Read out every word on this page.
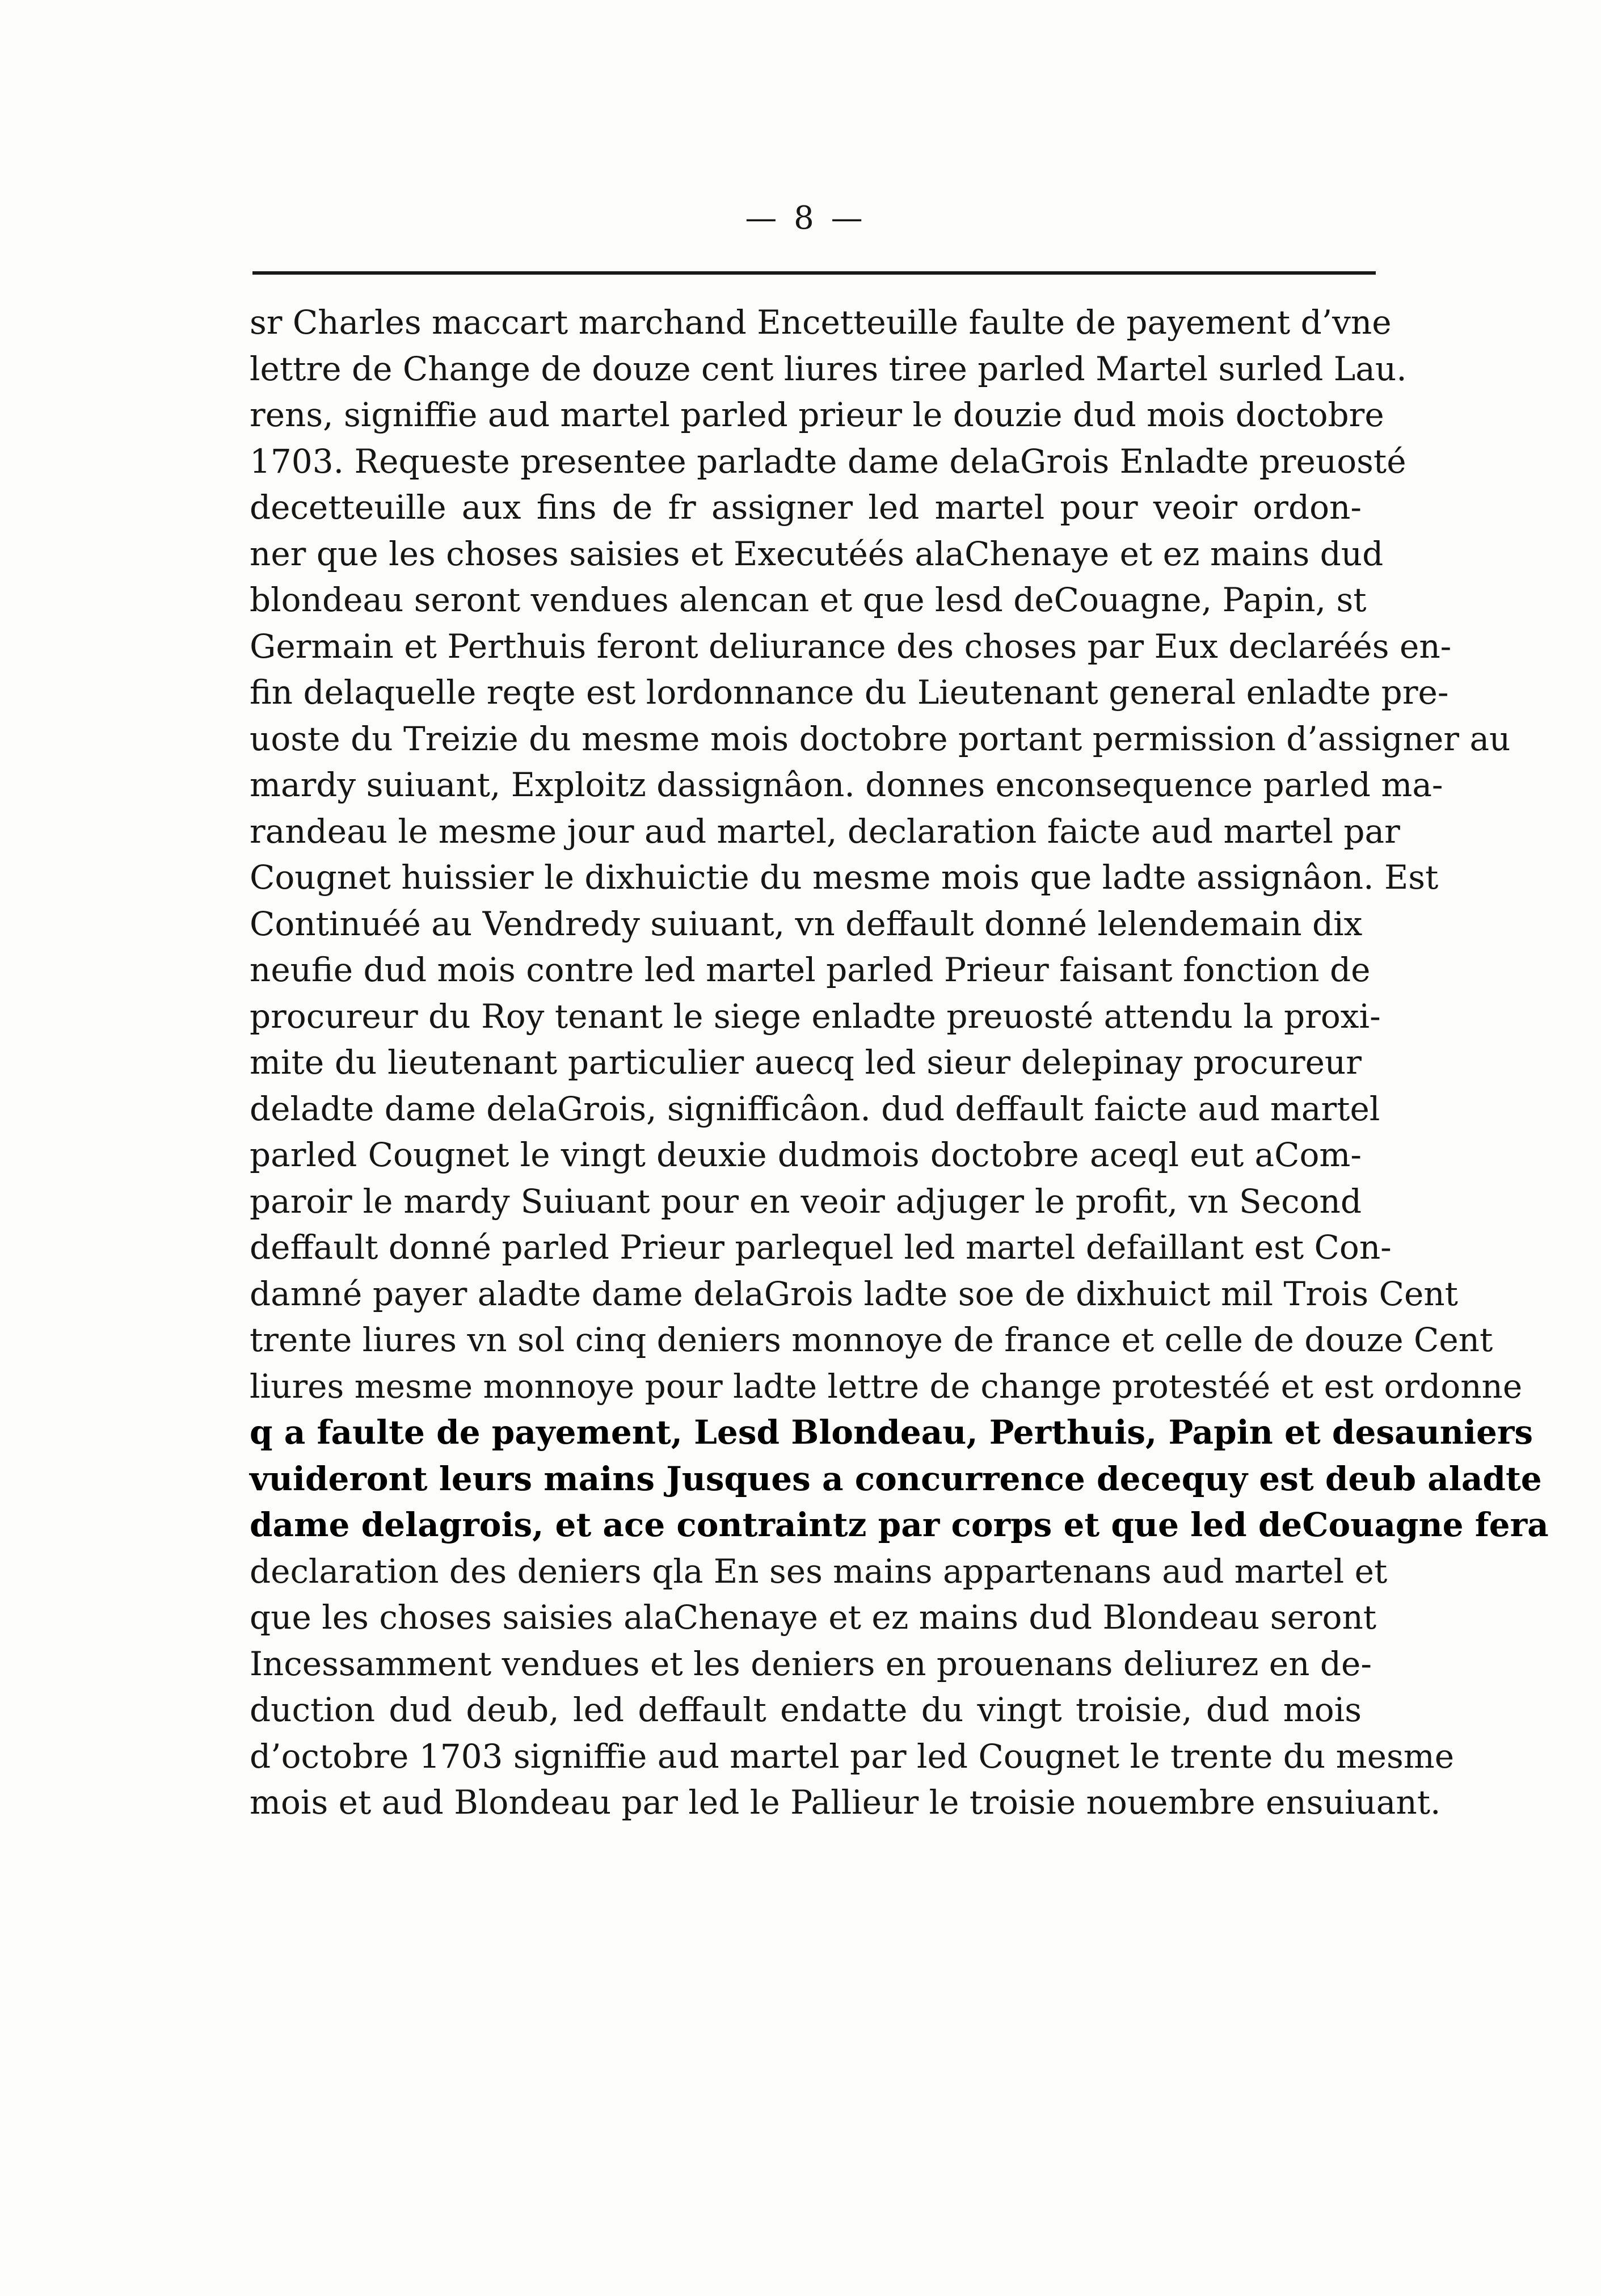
— 8 —
sr Charles maccart marchand Encetteuille faulte de payement d’vne
lettre de Change de douze cent liures tiree parled Martel surled Lau.
rens, signiffie aud martel parled prieur le douzie dud mois doctobre
1703. Requeste presentee parladte dame delaGrois Enladte preuosté
decetteuille aux fins de fr assigner led martel pour veoir ordon-
ner que les choses saisies et Executéés alaChenaye et ez mains dud
blondeau seront vendues alencan et que lesd deCouagne, Papin, st
Germain et Perthuis feront deliurance des choses par Eux declaréés en-
fin delaquelle reqte est lordonnance du Lieutenant general enladte pre-
uoste du Treizie du mesme mois doctobre portant permission d’assigner au
mardy suiuant, Exploitz dassignâon. donnes enconsequence parled ma-
randeau le mesme jour aud martel, declaration faicte aud martel par
Cougnet huissier le dixhuictie du mesme mois que ladte assignâon. Est
Continuéé au Vendredy suiuant, vn deffault donné lelendemain dix
neufie dud mois contre led martel parled Prieur faisant fonction de
procureur du Roy tenant le siege enladte preuosté attendu la proxi-
mite du lieutenant particulier auecq led sieur delepinay procureur
deladte dame delaGrois, signifficâon. dud deffault faicte aud martel
parled Cougnet le vingt deuxie dudmois doctobre aceql eut aCom-
paroir le mardy Suiuant pour en veoir adjuger le profit, vn Second
deffault donné parled Prieur parlequel led martel defaillant est Con-
damné payer aladte dame delaGrois ladte soe de dixhuict mil Trois Cent
trente liures vn sol cinq deniers monnoye de france et celle de douze Cent
liures mesme monnoye pour ladte lettre de change protestéé et est ordonne
q a faulte de payement, Lesd Blondeau, Perthuis, Papin et desauniers
vuideront leurs mains Jusques a concurrence decequy est deub aladte
dame delagrois, et ace contraintz par corps et que led deCouagne fera
declaration des deniers qla En ses mains appartenans aud martel et
que les choses saisies alaChenaye et ez mains dud Blondeau seront
Incessamment vendues et les deniers en prouenans deliurez en de-
duction dud deub, led deffault endatte du vingt troisie, dud mois
d’octobre 1703 signiffie aud martel par led Cougnet le trente du mesme
mois et aud Blondeau par led le Pallieur le troisie nouembre ensuiuant.
